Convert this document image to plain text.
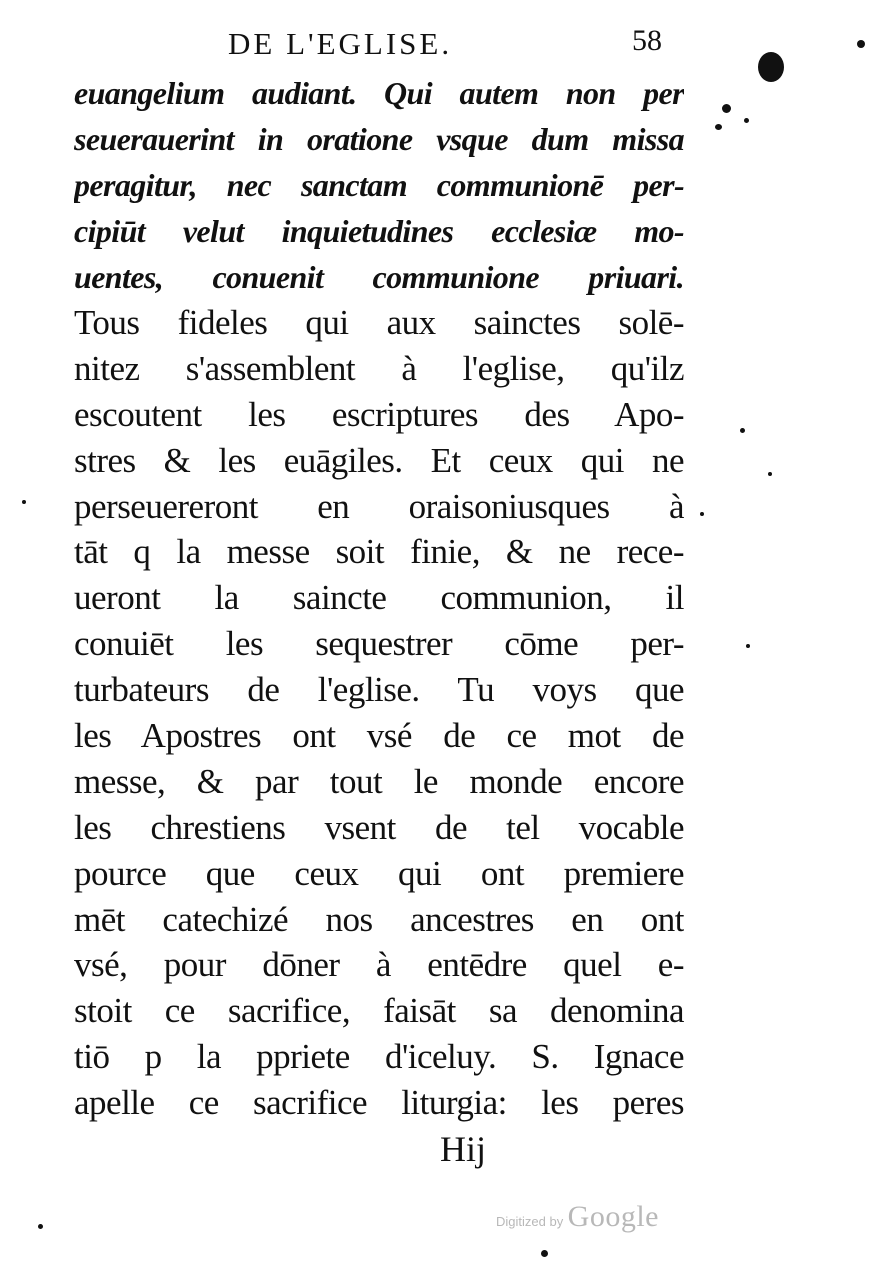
DE L'EGLISE.	58
euangelium audiant. Qui autem non per
seuerauerint in oratione vsque dum missa
peragitur, nec sanctam communionē per-
cipiūt velut inquietudines ecclesiæ mo-
uentes, conuenit communione priuari.
Tous fideles qui aux sainctes solē-
nitez s'assemblent à l'eglise, qu'ilz
escoutent les escriptures des Apo-
stres & les euāgiles. Et ceux qui ne
perseuereront en oraisoniusques à
tāt q la messe soit finie, & ne rece-
ueront la saincte communion, il
conuiēt les sequestrer cōme per-
turbateurs de l'eglise. Tu voys que
les Apostres ont vsé de ce mot de
messe, & par tout le monde encore
les chrestiens vsent de tel vocable
pource que ceux qui ont premiere
mēt catechizé nos ancestres en ont
vsé, pour dōner à entēdre quel e-
stoit ce sacrifice, faisāt sa denomina
tiō p la ppriete d'iceluy. S. Ignace
apelle ce sacrifice liturgia: les peres
Hij
Digitized by Google
